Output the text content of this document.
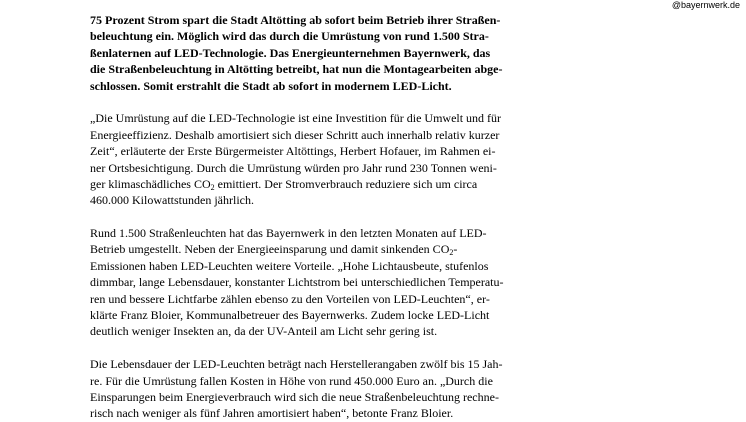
@bayernwerk.de
75 Prozent Strom spart die Stadt Altötting ab sofort beim Betrieb ihrer Straßen-
beleuchtung ein. Möglich wird das durch die Umrüstung von rund 1.500 Stra-
ßenlaternen auf LED-Technologie. Das Energieunternehmen Bayernwerk, das
die Straßenbeleuchtung in Altötting betreibt, hat nun die Montagearbeiten abge-
schlossen. Somit erstrahlt die Stadt ab sofort in modernem LED-Licht.
„Die Umrüstung auf die LED-Technologie ist eine Investition für die Umwelt und für
Energieeffizienz. Deshalb amortisiert sich dieser Schritt auch innerhalb relativ kurzer
Zeit“, erläuterte der Erste Bürgermeister Altöttings, Herbert Hofauer, im Rahmen ei-
ner Ortsbesichtigung. Durch die Umrüstung würden pro Jahr rund 230 Tonnen weni-
ger klimaschädliches $CO_2$ emittiert. Der Stromverbrauch reduziere sich um circa
460.000 Kilowattstunden jährlich.
Rund 1.500 Straßenleuchten hat das Bayernwerk in den letzten Monaten auf LED-
Betrieb umgestellt. Neben der Energieeinsparung und damit sinkenden $CO_2-$
Emissionen haben LED-Leuchten weitere Vorteile. „Hohe Lichtausbeute, stufenlos
dimmbar, lange Lebensdauer, konstanter Lichtstrom bei unterschiedlichen Temperatu-
ren und bessere Lichtfarbe zählen ebenso zu den Vorteilen von LED-Leuchten“, er-
klärte Franz Bloier, Kommunalbetreuer des Bayernwerks. Zudem locke LED-Licht
deutlich weniger Insekten an, da der UV-Anteil am Licht sehr gering ist.
Die Lebensdauer der LED-Leuchten beträgt nach Herstellerangaben zwölf bis 15 Jah-
re. Für die Umrüstung fallen Kosten in Höhe von rund 450.000 Euro an. „Durch die
Einsparungen beim Energieverbrauch wird sich die neue Straßenbeleuchtung rechne-
risch nach weniger als fünf Jahren amortisiert haben“, betonte Franz Bloier.
